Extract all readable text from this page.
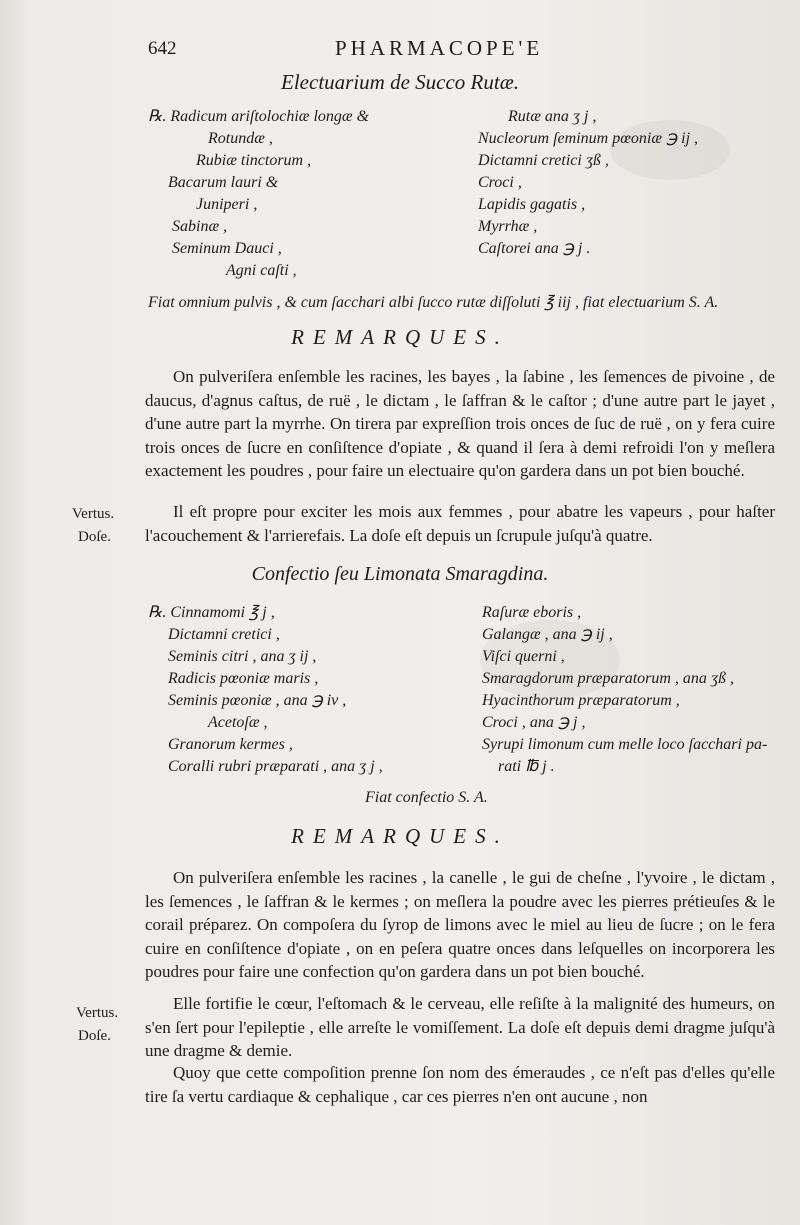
642	PHARMACOPE'E
Electuarium de Succo Rutæ.
℞. Radicum ariſtolochiæ longæ &
Rotundæ ,
Rubiæ tinctorum ,
Bacarum lauri &
Juniperi ,
Sabinæ ,
Seminum Dauci ,
Agni caſti ,
Rutæ ana ʒ j ,
Nucleorum ſeminum pœoniæ ℈ ij ,
Dictamni cretici ʒß ,
Croci ,
Lapidis gagatis ,
Myrrhæ ,
Caſtorei ana ℈ j .
Fiat omnium pulvis , & cum ſacchari albi ſucco rutæ diſſoluti ℥ iij , fiat electuarium S. A.
REMARQUES.
On pulveriſera enſemble les racines, les bayes , la ſabine , les ſemences de pivoine , de daucus, d'agnus caſtus, de ruë , le dictam , le ſaffran & le caſtor ; d'une autre part le jayet , d'une autre part la myrrhe. On tirera par expreſſion trois onces de ſuc de ruë , on y fera cuire trois onces de ſucre en conſiſtence d'opiate , & quand il ſera à demi refroidi l'on y meſlera exactement les poudres , pour faire un electuaire qu'on gardera dans un pot bien bouché.
Il eſt propre pour exciter les mois aux femmes , pour abatre les vapeurs , pour haſter l'acouchement & l'arrierefais. La doſe eſt depuis un ſcrupule juſqu'à quatre.
Vertus.
Doſe.
Confectio ſeu Limonata Smaragdina.
℞. Cinnamomi ℥ j ,
Dictamni cretici ,
Seminis citri , ana ʒ ij ,
Radicis pœoniæ maris ,
Seminis pœoniæ , ana ℈ iv ,
Acetoſæ ,
Granorum kermes ,
Coralli rubri præparati , ana ʒ j ,
Raſuræ eboris ,
Galangæ , ana ℈ ij ,
Viſci querni ,
Smaragdorum præparatorum , ana ʒß ,
Hyacinthorum præparatorum ,
Croci , ana ℈ j ,
Syrupi limonum cum melle loco ſacchari pa-
rati ℔ j .
Fiat confectio S. A.
REMARQUES.
On pulveriſera enſemble les racines , la canelle , le gui de cheſne , l'yvoire , le dictam , les ſemences , le ſaffran & le kermes ; on meſlera la poudre avec les pierres prétieuſes & le corail préparez. On compoſera du ſyrop de limons avec le miel au lieu de ſucre ; on le fera cuire en conſiſtence d'opiate , on en peſera quatre onces dans leſquelles on incorporera les poudres pour faire une confection qu'on gardera dans un pot bien bouché.
Elle fortifie le cœur, l'eſtomach & le cerveau, elle reſiſte à la malignité des humeurs, on s'en ſert pour l'epileptie , elle arreſte le vomiſſement. La doſe eſt depuis demi dragme juſqu'à une dragme & demie.
Quoy que cette compoſition prenne ſon nom des émeraudes , ce n'eſt pas d'elles qu'elle tire ſa vertu cardiaque & cephalique , car ces pierres n'en ont aucune , non
Vertus.
Doſe.
